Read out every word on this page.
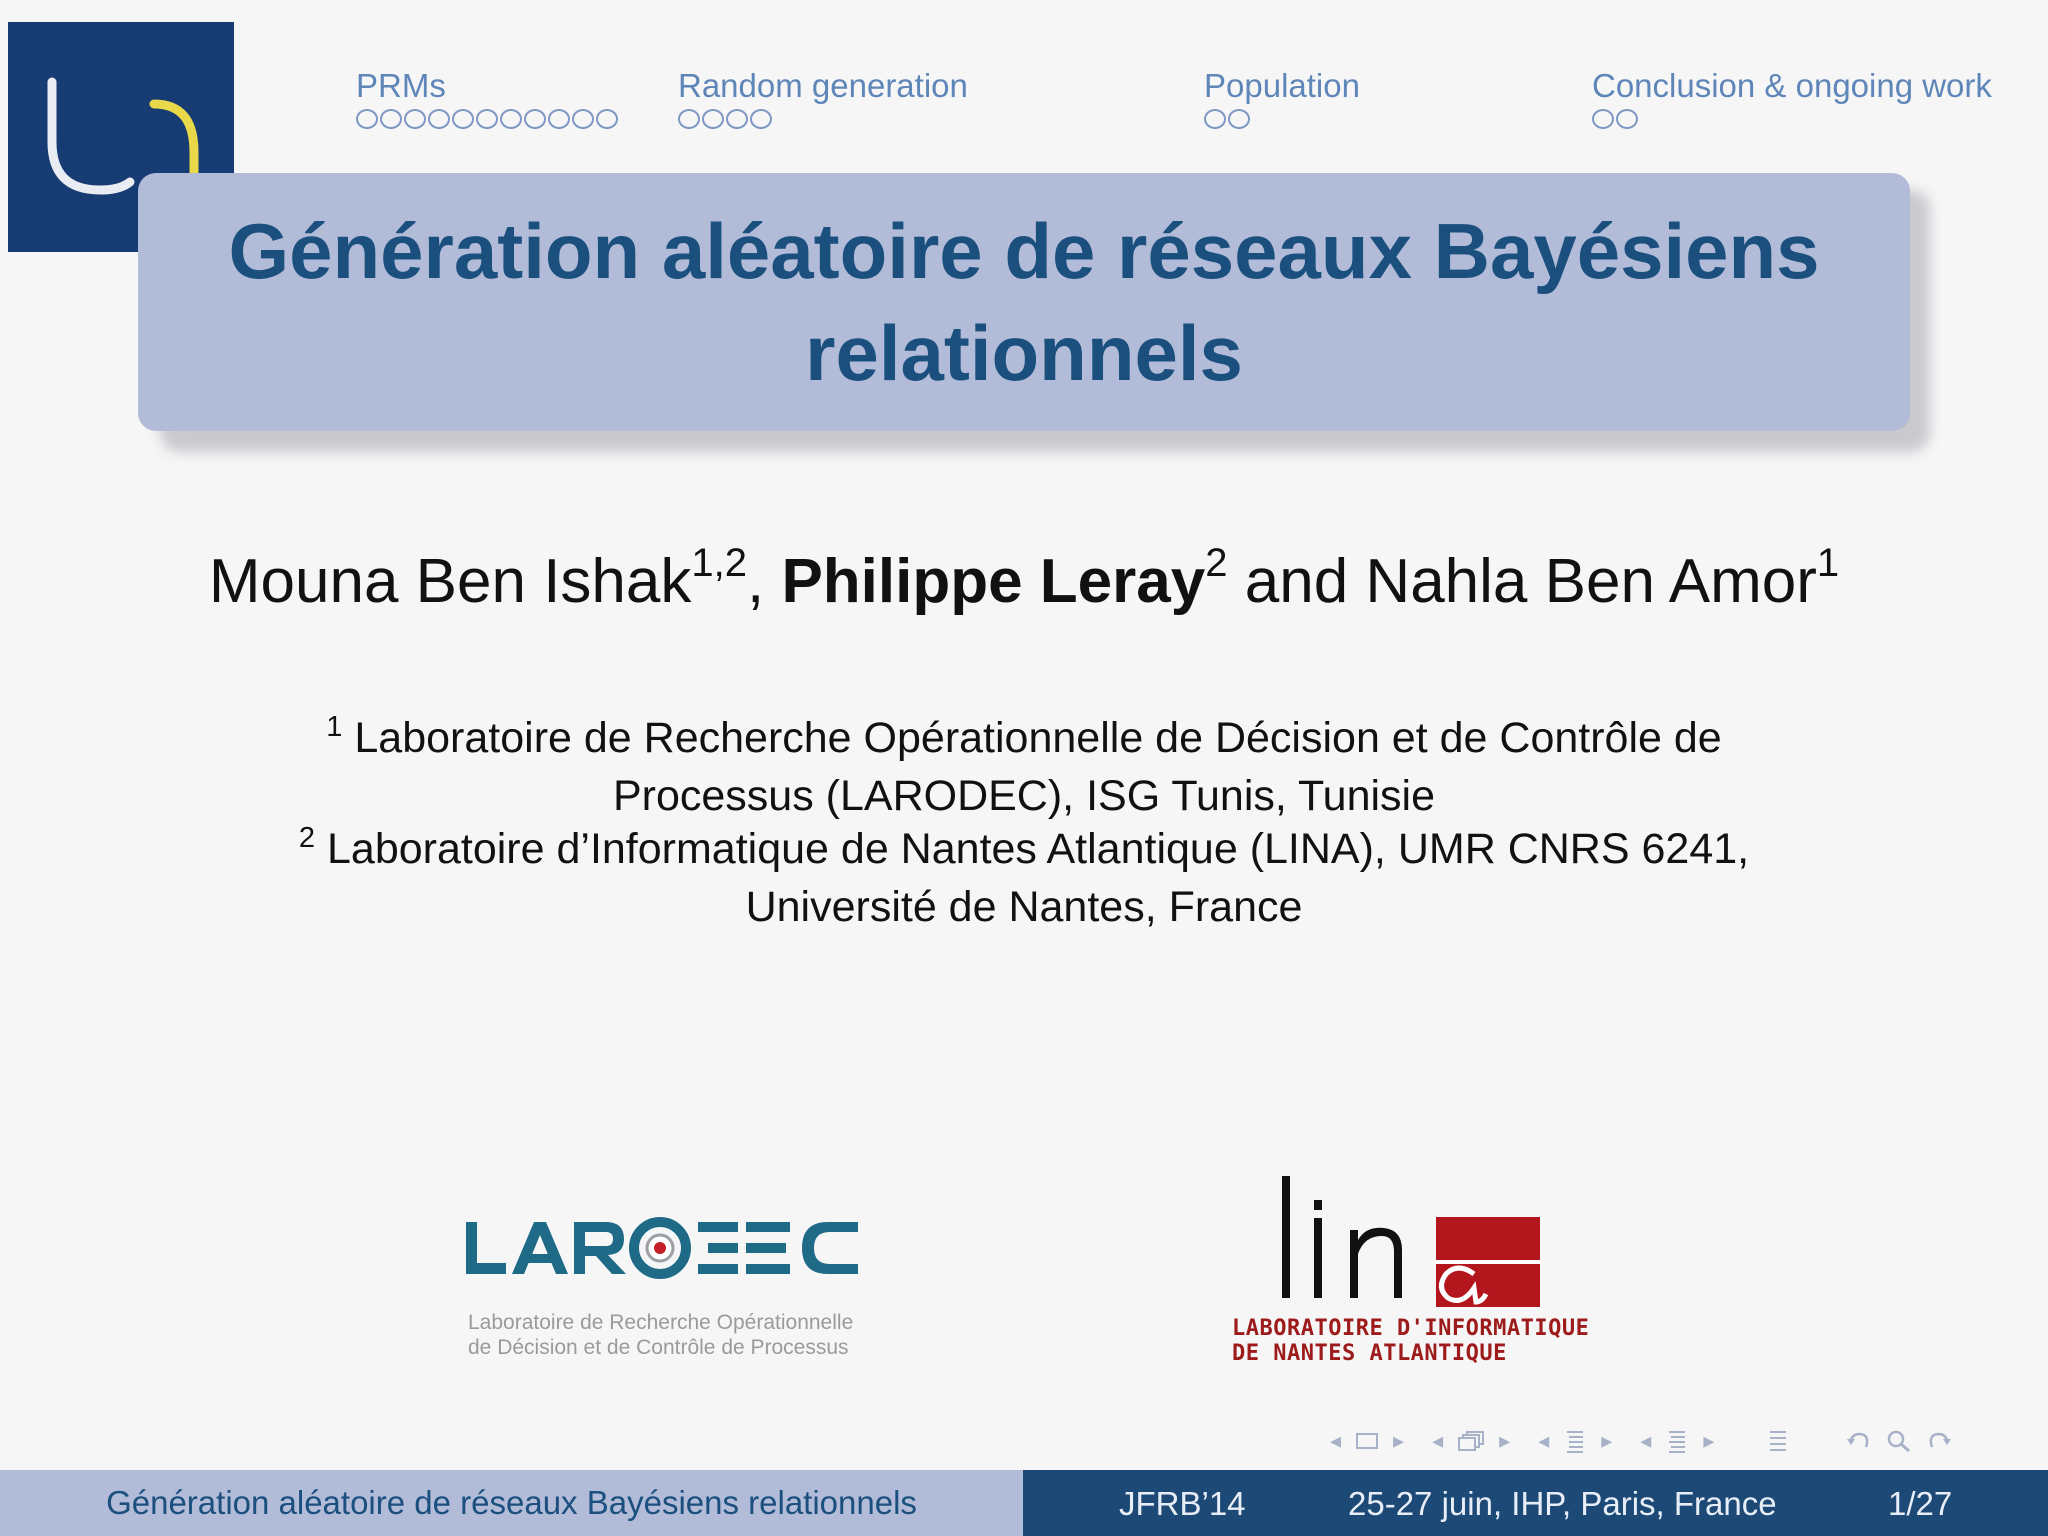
PRMs	Random generation	Population	Conclusion & ongoing work
Génération aléatoire de réseaux Bayésiens relationnels
Mouna Ben Ishak$^{1,2}$, Philippe Leray$^2$ and Nahla Ben Amor$^1$
$^1$ Laboratoire de Recherche Opérationnelle de Décision et de Contrôle de
Processus (LARODEC), ISG Tunis, Tunisie
$^2$ Laboratoire d’Informatique de Nantes Atlantique (LINA), UMR CNRS 6241,
Université de Nantes, France
Laboratoire de Recherche Opérationnelle
de Décision et de Contrôle de Processus
LABORATOIRE D'INFORMATIQUE
DE NANTES ATLANTIQUE
◂ ▸ ◂	▸ ◂ ▸ ◂ ▸
Génération aléatoire de réseaux Bayésiens relationnels	JFRB’14	25-27 juin, IHP, Paris, France	1/27
